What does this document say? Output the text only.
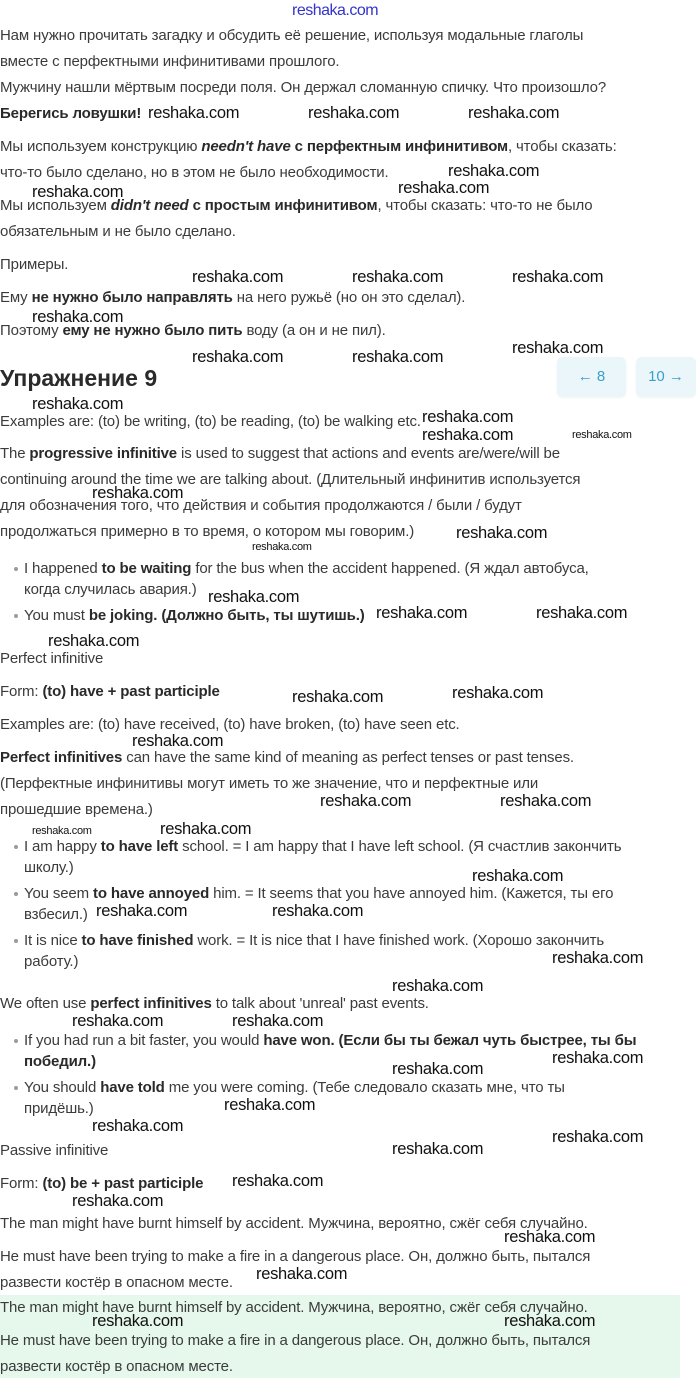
reshaka.com
Нам нужно прочитать загадку и обсудить её решение, используя модальные глаголы
вместе с перфектными инфинитивами прошлого.
Мужчину нашли мёртвым посреди поля. Он держал сломанную спичку. Что произошло?
Берегись ловушки!
Мы используем конструкцию needn't have с перфектным инфинитивом, чтобы сказать:
что-то было сделано, но в этом не было необходимости.
Мы используем didn't need с простым инфинитивом, чтобы сказать: что-то не было
обязательным и не было сделано.
Примеры.
Ему не нужно было направлять на него ружьё (но он это сделал).
Поэтому ему не нужно было пить воду (а он и не пил).
Examples are: (to) be writing, (to) be reading, (to) be walking etc.
The progressive infinitive is used to suggest that actions and events are/were/will be
continuing around the time we are talking about. (Длительный инфинитив используется
для обозначения того, что действия и события продолжаются / были / будут
продолжаться примерно в то время, о котором мы говорим.)
I happened to be waiting for the bus when the accident happened. (Я ждал автобуса,
когда случилась авария.)
You must be joking. (Должно быть, ты шутишь.)
Perfect infinitive
Form: (to) have + past participle
Examples are: (to) have received, (to) have broken, (to) have seen etc.
Perfect infinitives can have the same kind of meaning as perfect tenses or past tenses.
(Перфектные инфинитивы могут иметь то же значение, что и перфектные или
прошедшие времена.)
I am happy to have left school. = I am happy that I have left school. (Я счастлив закончить
школу.)
You seem to have annoyed him. = It seems that you have annoyed him. (Кажется, ты его
взбесил.)
It is nice to have finished work. = It is nice that I have finished work. (Хорошо закончить
работу.)
We often use perfect infinitives to talk about 'unreal' past events.
If you had run a bit faster, you would have won. (Если бы ты бежал чуть быстрее, ты бы
победил.)
You should have told me you were coming. (Тебе следовало сказать мне, что ты
придёшь.)
Passive infinitive
Form: (to) be + past participle
The man might have burnt himself by accident. Мужчина, вероятно, сжёг себя случайно.
He must have been trying to make a fire in a dangerous place. Он, должно быть, пытался
развести костёр в опасном месте.
The man might have burnt himself by accident. Мужчина, вероятно, сжёг себя случайно.
He must have been trying to make a fire in a dangerous place. Он, должно быть, пытался
развести костёр в опасном месте.
Упражнение 9	← 8	10 →
reshaka.com	reshaka.com	reshaka.com
reshaka.com	reshaka.com
reshaka.com
reshaka.com	reshaka.com	reshaka.com
reshaka.com
reshaka.com	reshaka.com	reshaka.com
reshaka.com
reshaka.com
reshaka.com
reshaka.com
reshaka.com
reshaka.com
reshaka.com
reshaka.com
reshaka.com	reshaka.com
reshaka.com
reshaka.com	reshaka.com
reshaka.com
reshaka.com	reshaka.com
reshaka.com	reshaka.com
reshaka.com
reshaka.com	reshaka.com
reshaka.com
reshaka.com
reshaka.com	reshaka.com
reshaka.com
reshaka.com
reshaka.com
reshaka.com
reshaka.com
reshaka.com
reshaka.com
reshaka.com
reshaka.com
reshaka.com
reshaka.com	reshaka.com
